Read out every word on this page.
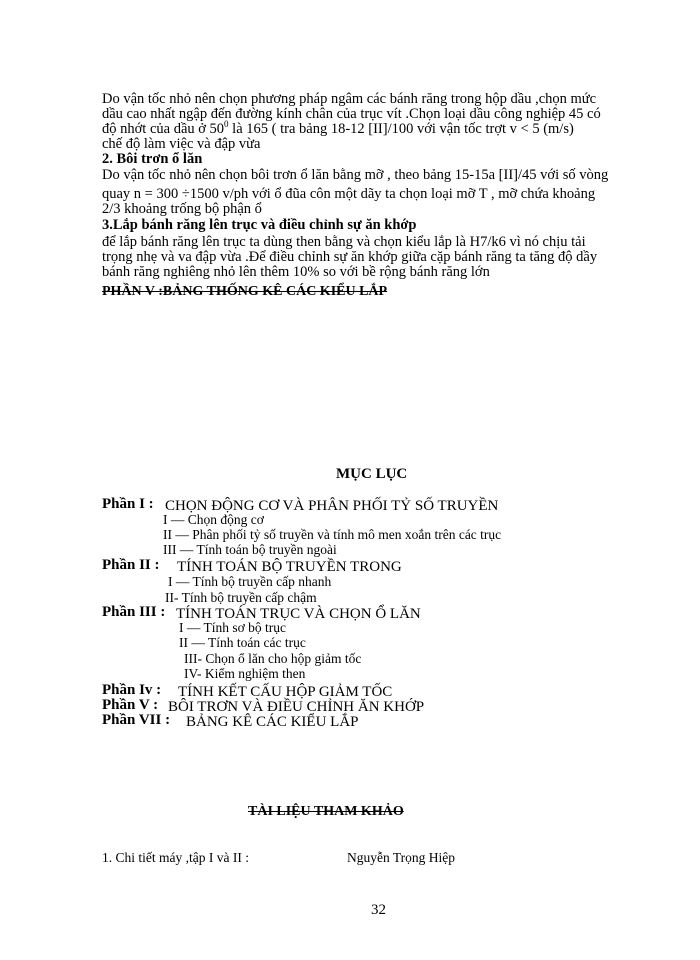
Do vận tốc nhỏ nên chọn phương pháp ngâm các bánh răng trong hộp dầu ,chọn mức
dầu cao nhất ngập đến đường kính chân của trục vít .Chọn loại dầu công nghiệp 45 có
độ nhớt của dầu ở $50^0$ là 165 ( tra bảng 18-12 [II]/100 với vận tốc trợt v < 5 (m/s)
chế độ làm việc và đập vừa
2. Bôi trơn ổ lăn
Do vận tốc nhỏ nên chọn bôi trơn ổ lăn bằng mỡ , theo bảng 15-15a [II]/45 với số vòng
quay n = 300 ÷1500 v/ph với ổ đũa côn một dãy ta chọn loại mỡ T , mỡ chứa khoảng
2/3 khoảng trống bộ phận ổ
3.Lắp bánh răng lên trục và điều chỉnh sự ăn khớp
để lắp bánh răng lên trục ta dùng then bằng và chọn kiểu lắp là H7/k6 vì nó chịu tải
trọng nhẹ và va đập vừa .Để điều chỉnh sự ăn khớp giữa cặp bánh răng ta tăng độ dầy
bánh răng nghiêng nhỏ lên thêm 10% so với bề rộng bánh răng lớn
PHẦN V :BẢNG THỐNG KÊ CÁC KIỂU LẮP
MỤC LỤC
Phần I : CHỌN ĐỘNG CƠ VÀ PHÂN PHỐI TỶ SỐ TRUYỀN
I — Chọn động cơ
II — Phân phối tỷ số truyền và tính mô men xoắn trên các trục
III — Tính toán bộ truyền ngoài
Phần II : TÍNH TOÁN BỘ TRUYỀN TRONG
I — Tính bộ truyền cấp nhanh
II- Tính bộ truyền cấp chậm
Phần III : TÍNH TOÁN TRỤC VÀ CHỌN Ổ LĂN
I — Tính sơ bộ trục
II — Tính toán các trục
III- Chọn ổ lăn cho hộp giảm tốc
IV- Kiểm nghiệm then
Phần Iv : TÍNH KẾT CẤU HỘP GIẢM TỐC
Phần V : BÔI TRƠN VÀ ĐIỀU CHỈNH ĂN KHỚP
Phần VII : BẢNG KÊ CÁC KIỂU LẮP
TÀI LIỆU THAM KHẢO
1. Chi tiết máy ,tập I và II :	Nguyễn Trọng Hiệp
32
